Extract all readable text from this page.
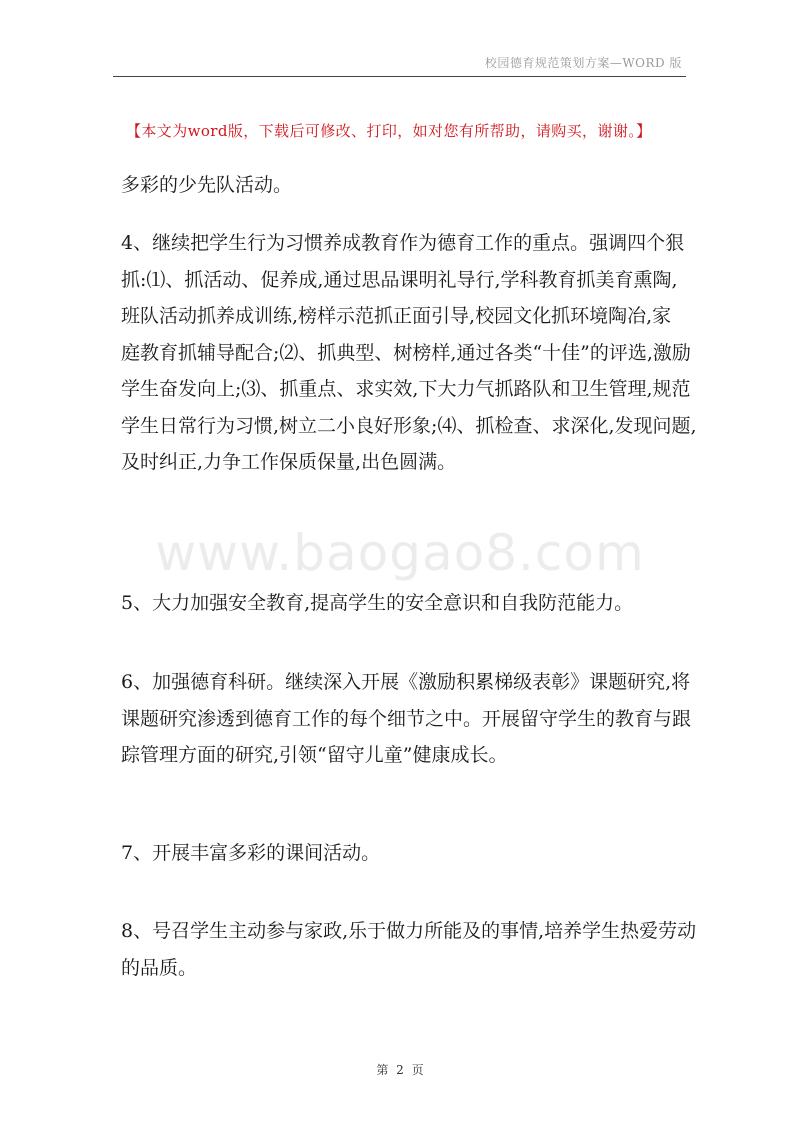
校园德育规范策划方案—WORD 版
【本文为word版，下载后可修改、打印，如对您有所帮助，请购买，谢谢。】
www.baogao8.com
多彩的少先队活动。
4、继续把学生行为习惯养成教育作为德育工作的重点。强调四个狠
抓:⑴、抓活动、促养成,通过思品课明礼导行,学科教育抓美育熏陶,
班队活动抓养成训练,榜样示范抓正面引导,校园文化抓环境陶冶,家
庭教育抓辅导配合;⑵、抓典型、树榜样,通过各类“十佳”的评选,激励
学生奋发向上;⑶、抓重点、求实效,下大力气抓路队和卫生管理,规范
学生日常行为习惯,树立二小良好形象;⑷、抓检查、求深化,发现问题,
及时纠正,力争工作保质保量,出色圆满。
5、大力加强安全教育,提高学生的安全意识和自我防范能力。
6、加强德育科研。继续深入开展《激励积累梯级表彰》课题研究,将
课题研究渗透到德育工作的每个细节之中。开展留守学生的教育与跟
踪管理方面的研究,引领“留守儿童”健康成长。
7、开展丰富多彩的课间活动。
8、号召学生主动参与家政,乐于做力所能及的事情,培养学生热爱劳动
的品质。
第 2 页
